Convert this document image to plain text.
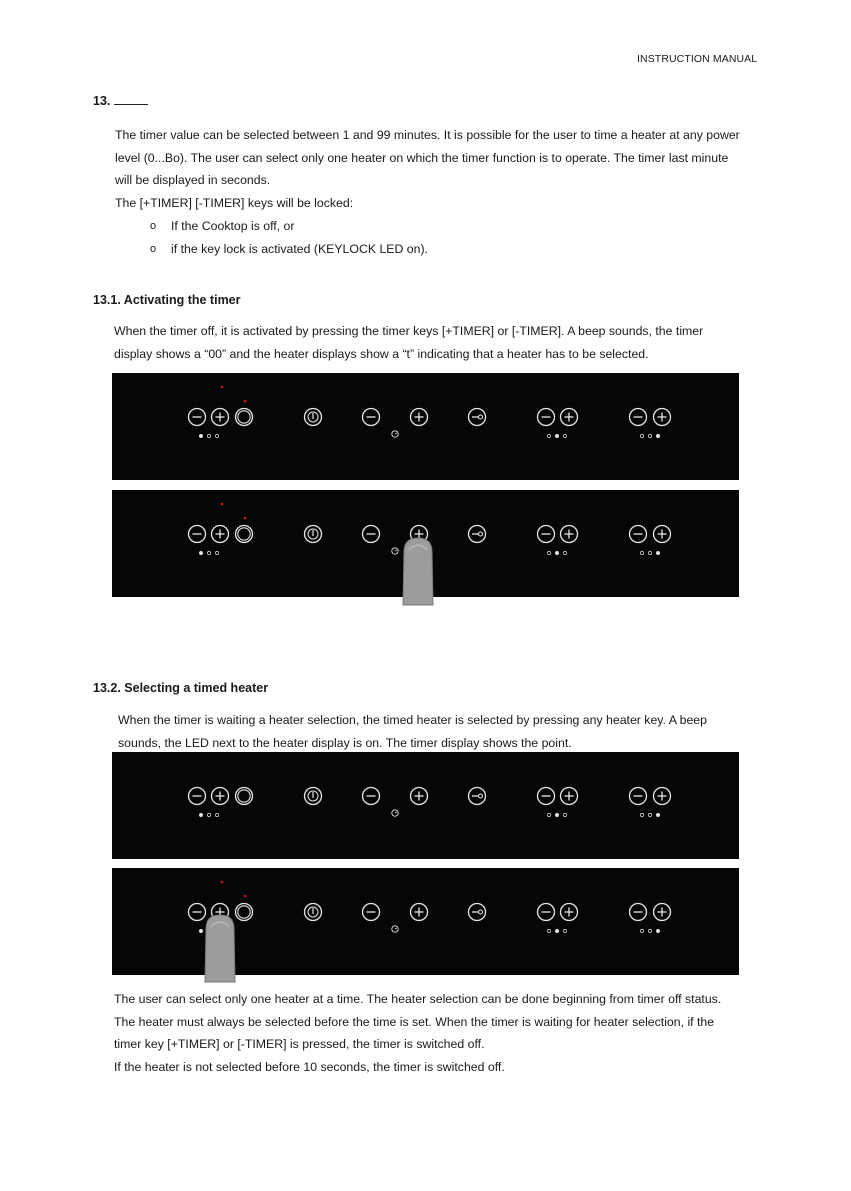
INSTRUCTION MANUAL
13.
The timer value can be selected between 1 and 99 minutes. It is possible for the user to time a heater at any power
level (0...Bo). The user can select only one heater on which the timer function is to operate. The timer last minute
will be displayed in seconds.
The [+TIMER] [-TIMER] keys will be locked:
o If the Cooktop is off, or
o if the key lock is activated (KEYLOCK LED on).
13.1. Activating the timer
When the timer off, it is activated by pressing the timer keys [+TIMER] or [-TIMER]. A beep sounds, the timer
display shows a “00” and the heater displays show a “t” indicating that a heater has to be selected.
13.2. Selecting a timed heater
When the timer is waiting a heater selection, the timed heater is selected by pressing any heater key. A beep
sounds, the LED next to the heater display is on. The timer display shows the point.
The user can select only one heater at a time. The heater selection can be done beginning from timer off status.
The heater must always be selected before the time is set. When the timer is waiting for heater selection, if the
timer key [+TIMER] or [-TIMER] is pressed, the timer is switched off.
If the heater is not selected before 10 seconds, the timer is switched off.
